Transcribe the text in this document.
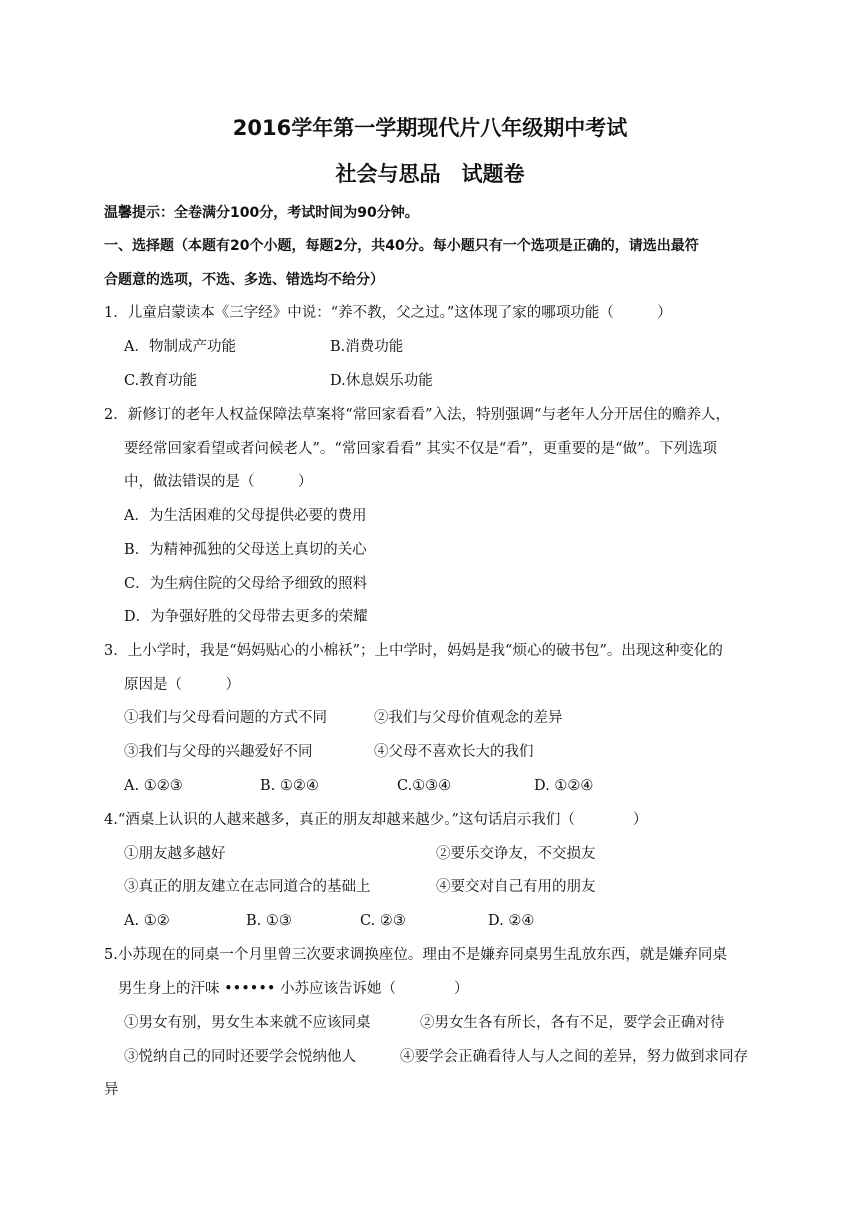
2016学年第一学期现代片八年级期中考试
社会与思品　试题卷
温馨提示：全卷满分100分，考试时间为90分钟。
一、选择题（本题有20个小题，每题2分，共40分。每小题只有一个选项是正确的，请选出最符
合题意的选项，不选、多选、错选均不给分）
1．儿童启蒙读本《三字经》中说：“养不教，父之过。”这体现了家的哪项功能（　　　）
A．物制成产功能	B.消费功能
C.教育功能	D.休息娱乐功能
2．新修订的老年人权益保障法草案将“常回家看看”入法，特别强调“与老年人分开居住的赡养人，
要经常回家看望或者问候老人”。“常回家看看” 其实不仅是“看”，更重要的是“做”。下列选项
中，做法错误的是（　　　）
A．为生活困难的父母提供必要的费用
B．为精神孤独的父母送上真切的关心
C．为生病住院的父母给予细致的照料
D．为争强好胜的父母带去更多的荣耀
3．上小学时，我是“妈妈贴心的小棉袄”；上中学时，妈妈是我“烦心的破书包”。出现这种变化的
原因是（　　　）
①我们与父母看问题的方式不同	②我们与父母价值观念的差异
③我们与父母的兴趣爱好不同	④父母不喜欢长大的我们
A. ①②③	B. ①②④	C.①③④	D. ①②④
4.“酒桌上认识的人越来越多，真正的朋友却越来越少。”这句话启示我们（　　　　）
①朋友越多越好	②要乐交诤友，不交损友
③真正的朋友建立在志同道合的基础上	④要交对自己有用的朋友
A. ①②	B. ①③	C. ②③	D. ②④
5.小苏现在的同桌一个月里曾三次要求调换座位。理由不是嫌弃同桌男生乱放东西，就是嫌弃同桌
男生身上的汗味 •••••• 小苏应该告诉她（　　　　）
①男女有别，男女生本来就不应该同桌	②男女生各有所长，各有不足，要学会正确对待
③悦纳自己的同时还要学会悦纳他人	④要学会正确看待人与人之间的差异，努力做到求同存
异
